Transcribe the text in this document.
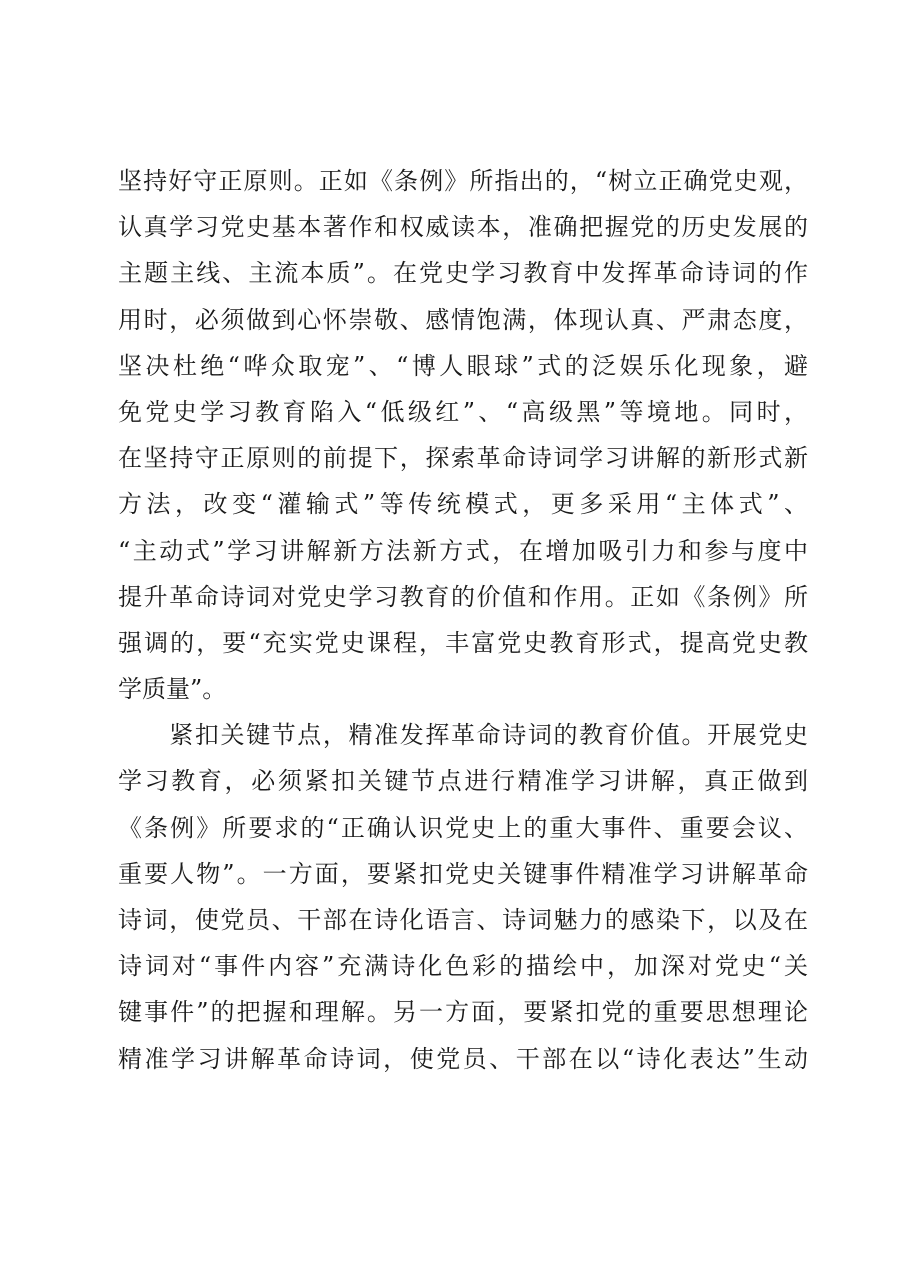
坚持好守正原则。正如《条例》所指出的，“树立正确党史观，
认真学习党史基本著作和权威读本，准确把握党的历史发展的
主题主线、主流本质”。在党史学习教育中发挥革命诗词的作
用时，必须做到心怀崇敬、感情饱满，体现认真、严肃态度，
坚决杜绝“哗众取宠”、“博人眼球”式的泛娱乐化现象，避
免党史学习教育陷入“低级红”、“高级黑”等境地。同时，
在坚持守正原则的前提下，探索革命诗词学习讲解的新形式新
方法，改变“灌输式”等传统模式，更多采用“主体式”、
“主动式”学习讲解新方法新方式，在增加吸引力和参与度中
提升革命诗词对党史学习教育的价值和作用。正如《条例》所
强调的，要“充实党史课程，丰富党史教育形式，提高党史教
学质量”。
　　紧扣关键节点，精准发挥革命诗词的教育价值。开展党史
学习教育，必须紧扣关键节点进行精准学习讲解，真正做到
《条例》所要求的“正确认识党史上的重大事件、重要会议、
重要人物”。一方面，要紧扣党史关键事件精准学习讲解革命
诗词，使党员、干部在诗化语言、诗词魅力的感染下，以及在
诗词对“事件内容”充满诗化色彩的描绘中，加深对党史“关
键事件”的把握和理解。另一方面，要紧扣党的重要思想理论
精准学习讲解革命诗词，使党员、干部在以“诗化表达”生动
